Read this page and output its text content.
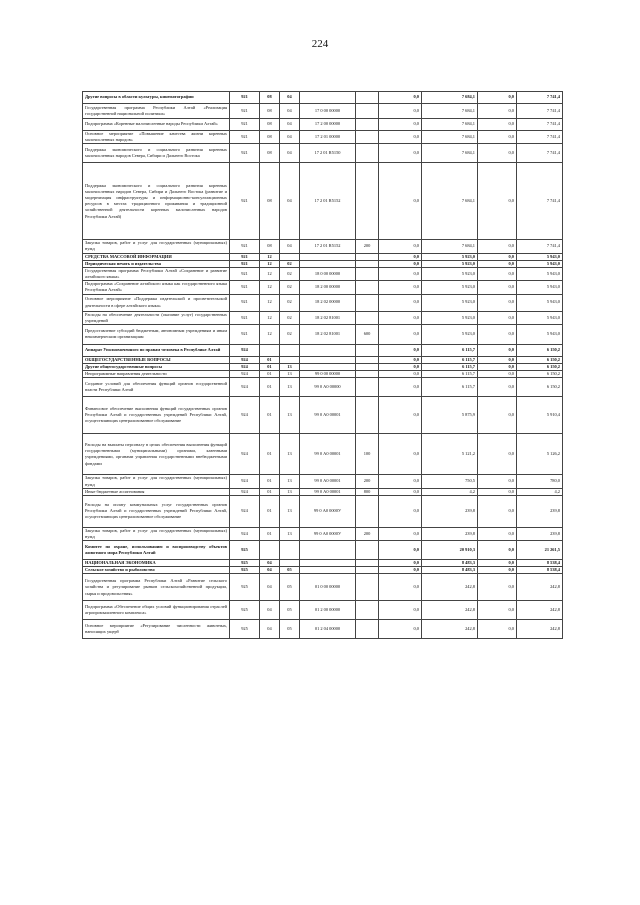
224
Другие вопросы в области культуры, кинематографии	921	08	04			0,0	7 684,1	0,0	7 741,4
Государственная программа Республики Алтай «Реализация государственной национальной политики»	921	08	04	17 0 00 00000		0,0	7 684,1	0,0	7 741,4
Подпрограмма «Коренные малочисленные народы Республики Алтай»	921	08	04	17 2 00 00000		0,0	7 684,1	0,0	7 741,4
Основное мероприятие «Повышение качества жизни коренных малочисленных народов»	921	08	04	17 2 01 00000		0,0	7 684,1	0,0	7 741,4
Поддержка экономического и социального развития коренных малочисленных народов Севера, Сибири и Дальнего Востока	921	08	04	17 2 01 R5150		0,0	7 684,1	0,0	7 741,4
Поддержка экономического и социального развития коренных малочисленных народов Севера, Сибири и Дальнего Востока (развитие и модернизация инфраструктуры и информационно-консультационных ресурсов в местах традиционного проживания и традиционной хозяйственной деятельности коренных малочисленных народов Республики Алтай)	921	08	04	17 2 01 R5152		0,0	7 684,1	0,0	7 741,4
Закупка товаров, работ и услуг для государственных (муниципальных) нужд	921	08	04	17 2 01 R5152	200	0,0	7 684,1	0,0	7 741,4
СРЕДСТВА МАССОВОЙ ИНФОРМАЦИИ	921	12				0,0	5 923,0	0,0	5 943,0
Периодическая печать и издательства	921	12	02			0,0	5 923,0	0,0	5 943,0
Государственная программа Республики Алтай «Сохранение и развитие алтайского языка»	921	12	02	18 0 00 00000		0,0	5 923,0	0,0	5 943,0
Подпрограмма «Сохранение алтайского языка как государственного языка Республики Алтай»	921	12	02	18 2 00 00000		0,0	5 923,0	0,0	5 943,0
Основное мероприятие «Поддержка издательской и просветительской деятельности в сфере алтайского языка»	921	12	02	18 2 02 00000		0,0	5 923,0	0,0	5 943,0
Расходы на обеспечение деятельности (оказание услуг) государственных учреждений	921	12	02	18 2 02 81001		0,0	5 923,0	0,0	5 943,0
Предоставление субсидий бюджетным, автономным учреждениям и иным некоммерческим организациям	921	12	02	18 2 02 81001	600	0,0	5 923,0	0,0	5 943,0
Аппарат Уполномоченного по правам человека в Республике Алтай	924					0,0	6 115,7	0,0	6 150,2
ОБЩЕГОСУДАРСТВЕННЫЕ ВОПРОСЫ	924	01				0,0	6 115,7	0,0	6 150,2
Другие общегосударственные вопросы	924	01	13			0,0	6 115,7	0,0	6 150,2
Непрограммные направления деятельности	924	01	13	99 0 00 00000		0,0	6 115,7	0,0	6 150,2
Создание условий для обеспечения функций органов государственной власти Республики Алтай	924	01	13	99 0 А0 00000		0,0	6 115,7	0,0	6 150,2
Финансовое обеспечение выполнения функций государственных органов Республики Алтай и государственных учреждений Республики Алтай, осуществляющих централизованное обслуживание	924	01	13	99 0 А0 00001		0,0	5 875,9	0,0	5 910,4
Расходы на выплаты персоналу в целях обеспечения выполнения функций государственными (муниципальными) органами, казенными учреждениями, органами управления государственными внебюджетными фондами	924	01	13	99 0 А0 00001	100	0,0	5 121,2	0,0	5 126,2
Закупка товаров, работ и услуг для государственных (муниципальных) нужд	924	01	13	99 0 А0 00001	200	0,0	750,5	0,0	780,0
Иные бюджетные ассигнования	924	01	13	99 0 А0 00001	800	0,0	4,2	0,0	4,2
Расходы на оплату коммунальных услуг государственных органов Республики Алтай и государственных учреждений Республики Алтай, осуществляющих централизованное обслуживание	924	01	13	99 0 А0 0000У		0,0	239,8	0,0	239,8
Закупка товаров, работ и услуг для государственных (муниципальных) нужд	924	01	13	99 0 А0 0000У	200	0,0	239,8	0,0	239,8
Комитет по охране, использованию и воспроизводству объектов животного мира Республики Алтай	925					0,0	20 910,3	0,0	21 261,5
НАЦИОНАЛЬНАЯ ЭКОНОМИКА	925	04				0,0	8 483,3	0,0	8 538,4
Сельское хозяйство и рыболовство	925	04	05			0,0	8 483,3	0,0	8 538,4
Государственная программа Республики Алтай «Развитие сельского хозяйства и регулирование рынков сельскохозяйственной продукции, сырья и продовольствия»	925	04	05	01 0 00 00000		0,0	242,8	0,0	242,8
Подпрограмма «Обеспечение общих условий функционирования отраслей агропромышленного комплекса»	925	04	05	01 2 00 00000		0,0	242,8	0,0	242,8
Основное мероприятие «Регулирование численности животных, наносящих ущерб	925	04	05	01 2 04 00000		0,0	242,8	0,0	242,8
